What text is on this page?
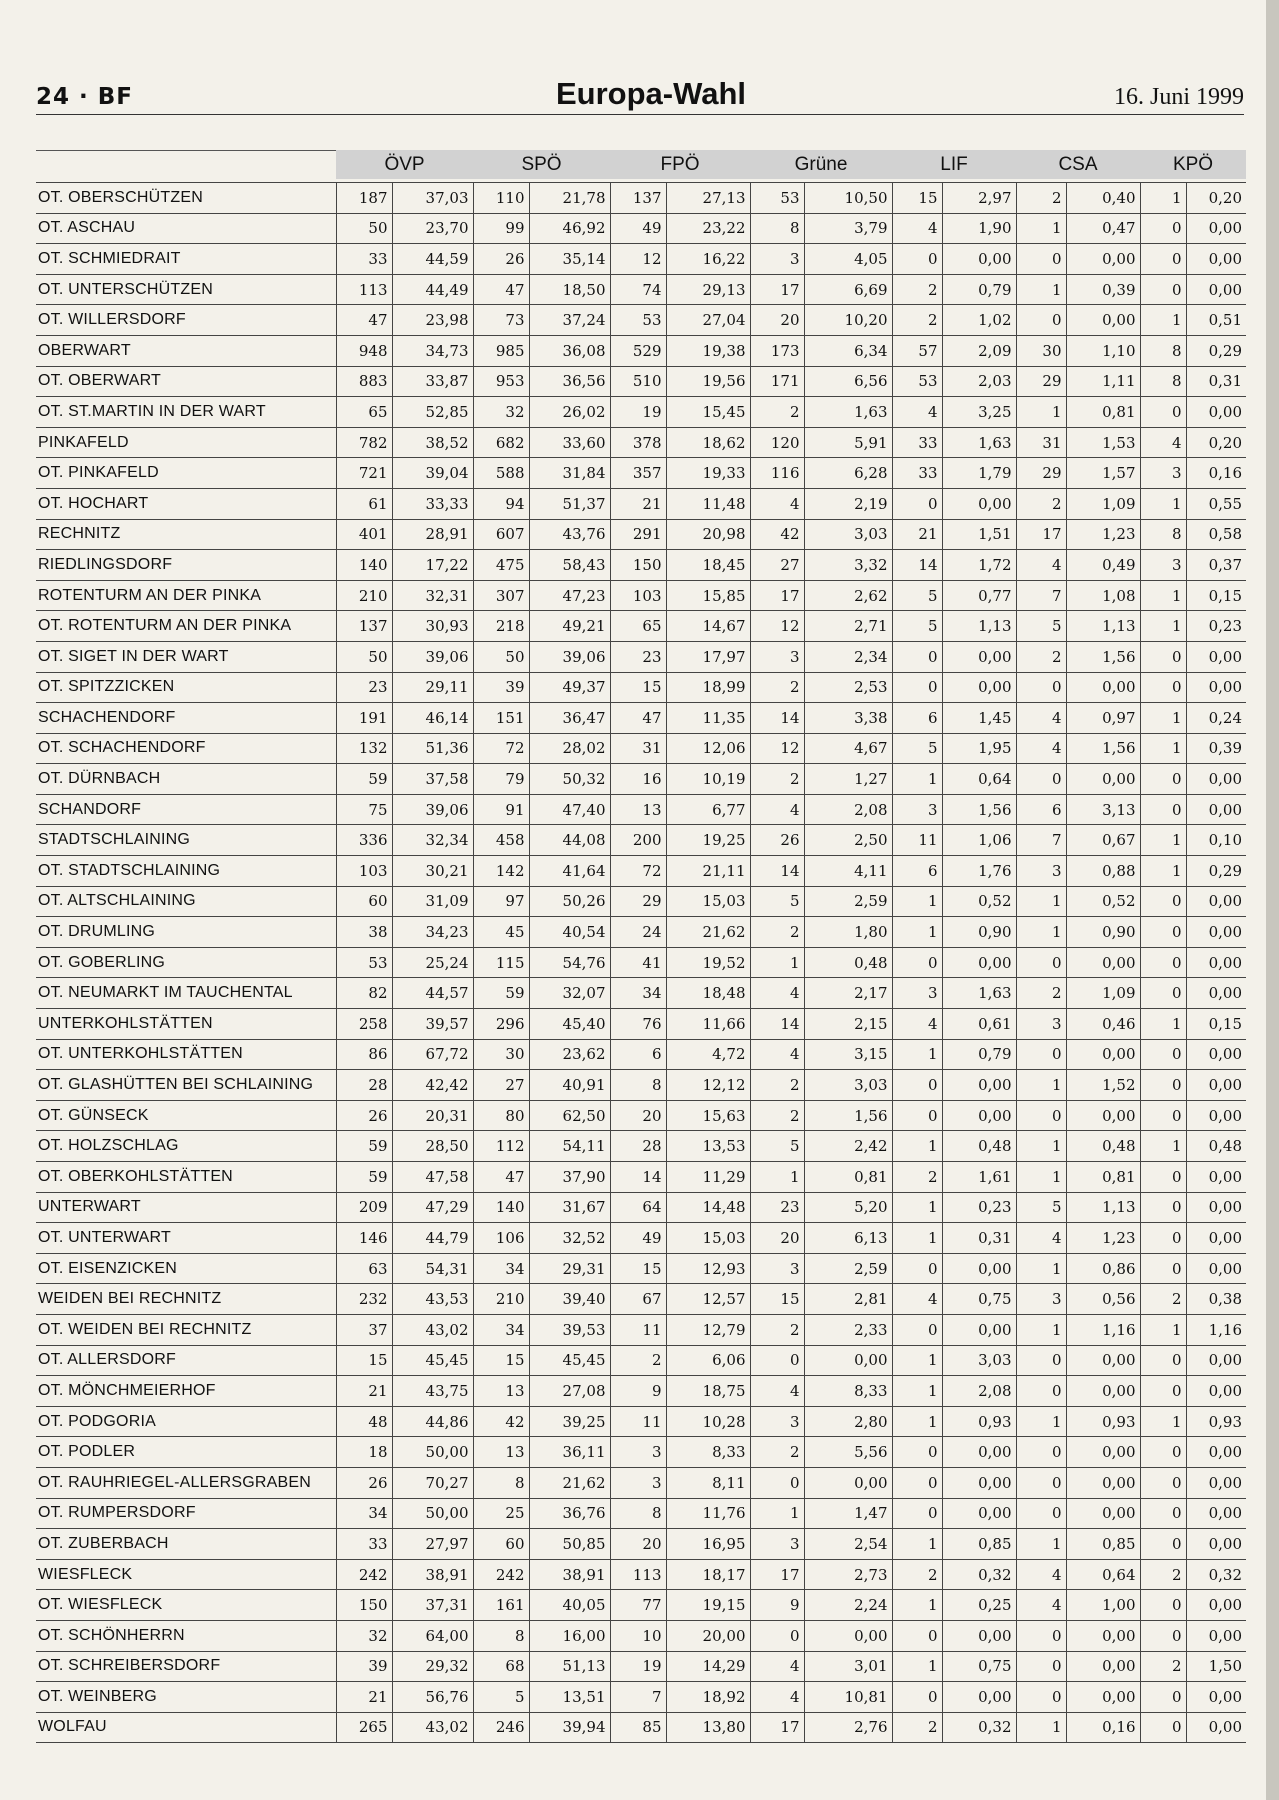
24 · BF	Europa-Wahl	16. Juni 1999
ÖVP	SPÖ	FPÖ	Grüne	LIF	CSA	KPÖ
OT. OBERSCHÜTZEN	187	37,03	110	21,78	137	27,13	53	10,50	15	2,97	2	0,40	1	0,20
OT. ASCHAU	50	23,70	99	46,92	49	23,22	8	3,79	4	1,90	1	0,47	0	0,00
OT. SCHMIEDRAIT	33	44,59	26	35,14	12	16,22	3	4,05	0	0,00	0	0,00	0	0,00
OT. UNTERSCHÜTZEN	113	44,49	47	18,50	74	29,13	17	6,69	2	0,79	1	0,39	0	0,00
OT. WILLERSDORF	47	23,98	73	37,24	53	27,04	20	10,20	2	1,02	0	0,00	1	0,51
OBERWART	948	34,73	985	36,08	529	19,38	173	6,34	57	2,09	30	1,10	8	0,29
OT. OBERWART	883	33,87	953	36,56	510	19,56	171	6,56	53	2,03	29	1,11	8	0,31
OT. ST.MARTIN IN DER WART	65	52,85	32	26,02	19	15,45	2	1,63	4	3,25	1	0,81	0	0,00
PINKAFELD	782	38,52	682	33,60	378	18,62	120	5,91	33	1,63	31	1,53	4	0,20
OT. PINKAFELD	721	39,04	588	31,84	357	19,33	116	6,28	33	1,79	29	1,57	3	0,16
OT. HOCHART	61	33,33	94	51,37	21	11,48	4	2,19	0	0,00	2	1,09	1	0,55
RECHNITZ	401	28,91	607	43,76	291	20,98	42	3,03	21	1,51	17	1,23	8	0,58
RIEDLINGSDORF	140	17,22	475	58,43	150	18,45	27	3,32	14	1,72	4	0,49	3	0,37
ROTENTURM AN DER PINKA	210	32,31	307	47,23	103	15,85	17	2,62	5	0,77	7	1,08	1	0,15
OT. ROTENTURM AN DER PINKA	137	30,93	218	49,21	65	14,67	12	2,71	5	1,13	5	1,13	1	0,23
OT. SIGET IN DER WART	50	39,06	50	39,06	23	17,97	3	2,34	0	0,00	2	1,56	0	0,00
OT. SPITZZICKEN	23	29,11	39	49,37	15	18,99	2	2,53	0	0,00	0	0,00	0	0,00
SCHACHENDORF	191	46,14	151	36,47	47	11,35	14	3,38	6	1,45	4	0,97	1	0,24
OT. SCHACHENDORF	132	51,36	72	28,02	31	12,06	12	4,67	5	1,95	4	1,56	1	0,39
OT. DÜRNBACH	59	37,58	79	50,32	16	10,19	2	1,27	1	0,64	0	0,00	0	0,00
SCHANDORF	75	39,06	91	47,40	13	6,77	4	2,08	3	1,56	6	3,13	0	0,00
STADTSCHLAINING	336	32,34	458	44,08	200	19,25	26	2,50	11	1,06	7	0,67	1	0,10
OT. STADTSCHLAINING	103	30,21	142	41,64	72	21,11	14	4,11	6	1,76	3	0,88	1	0,29
OT. ALTSCHLAINING	60	31,09	97	50,26	29	15,03	5	2,59	1	0,52	1	0,52	0	0,00
OT. DRUMLING	38	34,23	45	40,54	24	21,62	2	1,80	1	0,90	1	0,90	0	0,00
OT. GOBERLING	53	25,24	115	54,76	41	19,52	1	0,48	0	0,00	0	0,00	0	0,00
OT. NEUMARKT IM TAUCHENTAL	82	44,57	59	32,07	34	18,48	4	2,17	3	1,63	2	1,09	0	0,00
UNTERKOHLSTÄTTEN	258	39,57	296	45,40	76	11,66	14	2,15	4	0,61	3	0,46	1	0,15
OT. UNTERKOHLSTÄTTEN	86	67,72	30	23,62	6	4,72	4	3,15	1	0,79	0	0,00	0	0,00
OT. GLASHÜTTEN BEI SCHLAINING	28	42,42	27	40,91	8	12,12	2	3,03	0	0,00	1	1,52	0	0,00
OT. GÜNSECK	26	20,31	80	62,50	20	15,63	2	1,56	0	0,00	0	0,00	0	0,00
OT. HOLZSCHLAG	59	28,50	112	54,11	28	13,53	5	2,42	1	0,48	1	0,48	1	0,48
OT. OBERKOHLSTÄTTEN	59	47,58	47	37,90	14	11,29	1	0,81	2	1,61	1	0,81	0	0,00
UNTERWART	209	47,29	140	31,67	64	14,48	23	5,20	1	0,23	5	1,13	0	0,00
OT. UNTERWART	146	44,79	106	32,52	49	15,03	20	6,13	1	0,31	4	1,23	0	0,00
OT. EISENZICKEN	63	54,31	34	29,31	15	12,93	3	2,59	0	0,00	1	0,86	0	0,00
WEIDEN BEI RECHNITZ	232	43,53	210	39,40	67	12,57	15	2,81	4	0,75	3	0,56	2	0,38
OT. WEIDEN BEI RECHNITZ	37	43,02	34	39,53	11	12,79	2	2,33	0	0,00	1	1,16	1	1,16
OT. ALLERSDORF	15	45,45	15	45,45	2	6,06	0	0,00	1	3,03	0	0,00	0	0,00
OT. MÖNCHMEIERHOF	21	43,75	13	27,08	9	18,75	4	8,33	1	2,08	0	0,00	0	0,00
OT. PODGORIA	48	44,86	42	39,25	11	10,28	3	2,80	1	0,93	1	0,93	1	0,93
OT. PODLER	18	50,00	13	36,11	3	8,33	2	5,56	0	0,00	0	0,00	0	0,00
OT. RAUHRIEGEL-ALLERSGRABEN	26	70,27	8	21,62	3	8,11	0	0,00	0	0,00	0	0,00	0	0,00
OT. RUMPERSDORF	34	50,00	25	36,76	8	11,76	1	1,47	0	0,00	0	0,00	0	0,00
OT. ZUBERBACH	33	27,97	60	50,85	20	16,95	3	2,54	1	0,85	1	0,85	0	0,00
WIESFLECK	242	38,91	242	38,91	113	18,17	17	2,73	2	0,32	4	0,64	2	0,32
OT. WIESFLECK	150	37,31	161	40,05	77	19,15	9	2,24	1	0,25	4	1,00	0	0,00
OT. SCHÖNHERRN	32	64,00	8	16,00	10	20,00	0	0,00	0	0,00	0	0,00	0	0,00
OT. SCHREIBERSDORF	39	29,32	68	51,13	19	14,29	4	3,01	1	0,75	0	0,00	2	1,50
OT. WEINBERG	21	56,76	5	13,51	7	18,92	4	10,81	0	0,00	0	0,00	0	0,00
WOLFAU	265	43,02	246	39,94	85	13,80	17	2,76	2	0,32	1	0,16	0	0,00
